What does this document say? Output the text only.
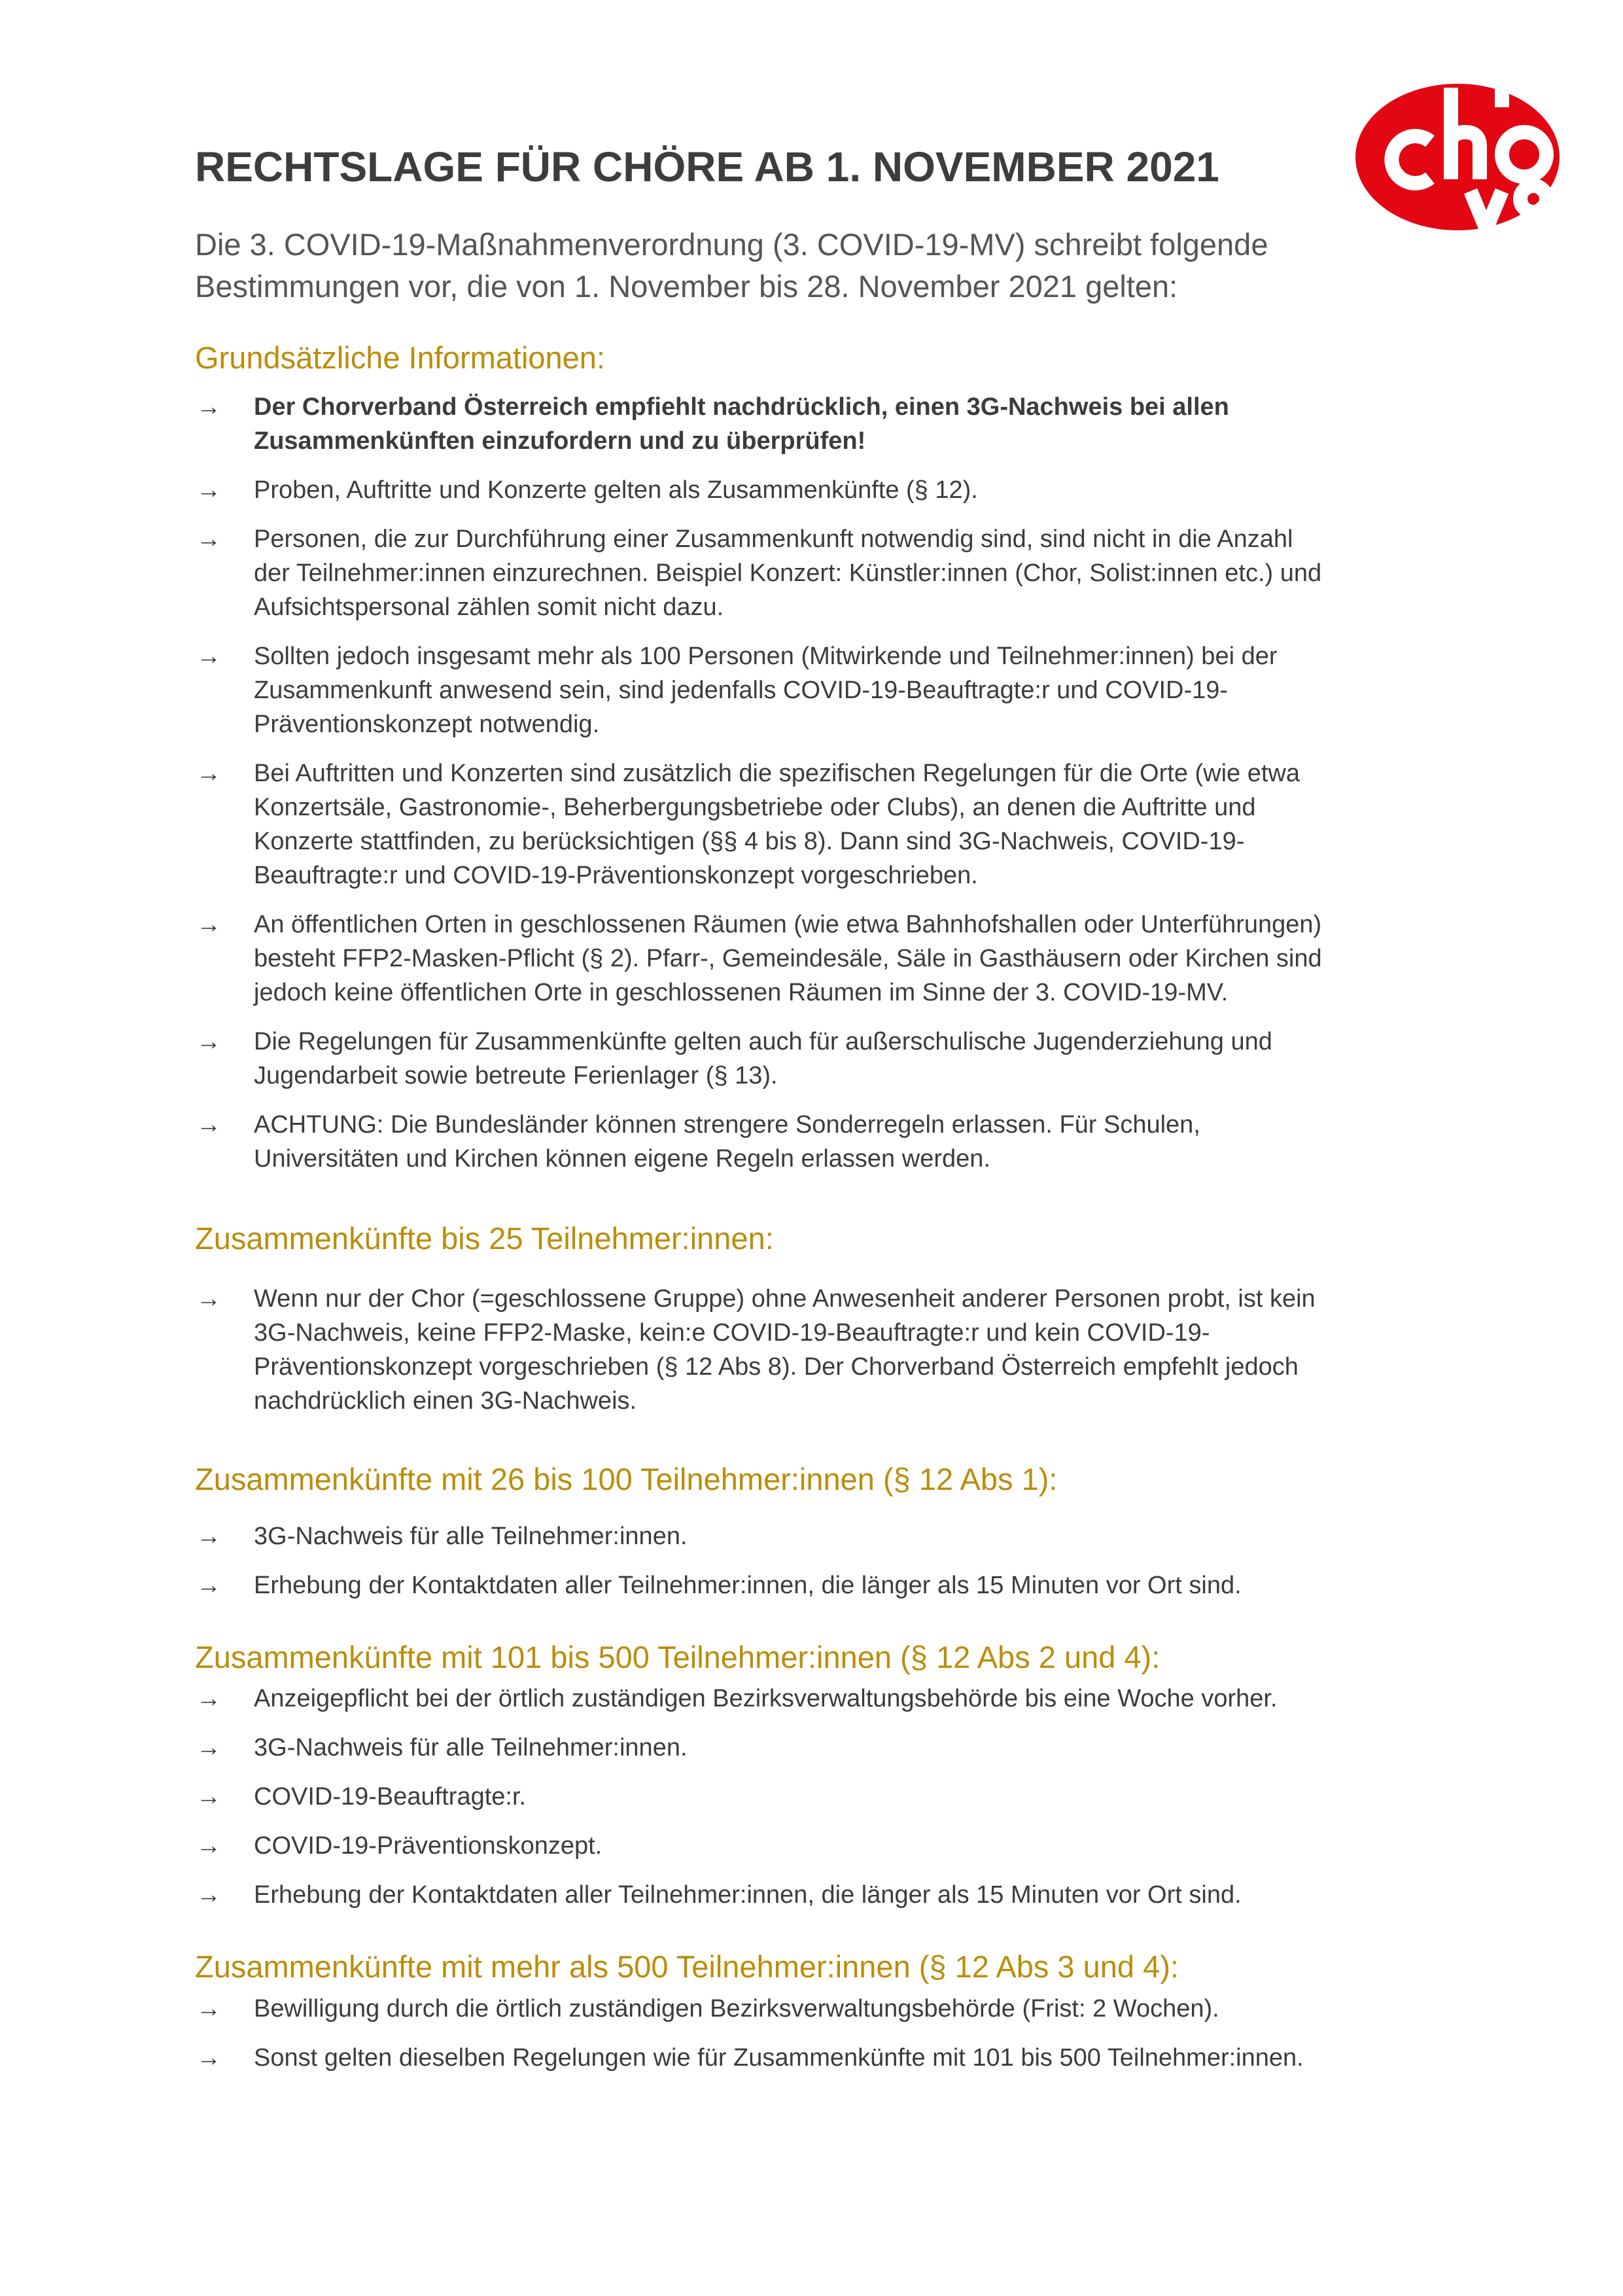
RECHTSLAGE FÜR CHÖRE AB 1. NOVEMBER 2021

Die 3. COVID-19-Maßnahmenverordnung (3. COVID-19-MV) schreibt folgende
Bestimmungen vor, die von 1. November bis 28. November 2021 gelten:

Grundsätzliche Informationen:
→ Der Chorverband Österreich empfiehlt nachdrücklich, einen 3G-Nachweis bei allen
Zusammenkünften einzufordern und zu überprüfen!
→ Proben, Auftritte und Konzerte gelten als Zusammenkünfte (§ 12).
→ Personen, die zur Durchführung einer Zusammenkunft notwendig sind, sind nicht in die Anzahl
der Teilnehmer:innen einzurechnen. Beispiel Konzert: Künstler:innen (Chor, Solist:innen etc.) und
Aufsichtspersonal zählen somit nicht dazu.
→ Sollten jedoch insgesamt mehr als 100 Personen (Mitwirkende und Teilnehmer:innen) bei der
Zusammenkunft anwesend sein, sind jedenfalls COVID-19-Beauftragte:r und COVID-19-
Präventionskonzept notwendig.
→ Bei Auftritten und Konzerten sind zusätzlich die spezifischen Regelungen für die Orte (wie etwa
Konzertsäle, Gastronomie-, Beherbergungsbetriebe oder Clubs), an denen die Auftritte und
Konzerte stattfinden, zu berücksichtigen (§§ 4 bis 8). Dann sind 3G-Nachweis, COVID-19-
Beauftragte:r und COVID-19-Präventionskonzept vorgeschrieben.
→ An öffentlichen Orten in geschlossenen Räumen (wie etwa Bahnhofshallen oder Unterführungen)
besteht FFP2-Masken-Pflicht (§ 2). Pfarr-, Gemeindesäle, Säle in Gasthäusern oder Kirchen sind
jedoch keine öffentlichen Orte in geschlossenen Räumen im Sinne der 3. COVID-19-MV.
→ Die Regelungen für Zusammenkünfte gelten auch für außerschulische Jugenderziehung und
Jugendarbeit sowie betreute Ferienlager (§ 13).
→ ACHTUNG: Die Bundesländer können strengere Sonderregeln erlassen. Für Schulen,
Universitäten und Kirchen können eigene Regeln erlassen werden.
Zusammenkünfte bis 25 Teilnehmer:innen:
→ Wenn nur der Chor (=geschlossene Gruppe) ohne Anwesenheit anderer Personen probt, ist kein
3G-Nachweis, keine FFP2-Maske, kein:e COVID-19-Beauftragte:r und kein COVID-19-
Präventionskonzept vorgeschrieben (§ 12 Abs 8). Der Chorverband Österreich empfehlt jedoch
nachdrücklich einen 3G-Nachweis.
Zusammenkünfte mit 26 bis 100 Teilnehmer:innen (§ 12 Abs 1):
→ 3G-Nachweis für alle Teilnehmer:innen.
→ Erhebung der Kontaktdaten aller Teilnehmer:innen, die länger als 15 Minuten vor Ort sind.
Zusammenkünfte mit 101 bis 500 Teilnehmer:innen (§ 12 Abs 2 und 4):
→ Anzeigepflicht bei der örtlich zuständigen Bezirksverwaltungsbehörde bis eine Woche vorher.
→ 3G-Nachweis für alle Teilnehmer:innen.
→ COVID-19-Beauftragte:r.
→ COVID-19-Präventionskonzept.
→ Erhebung der Kontaktdaten aller Teilnehmer:innen, die länger als 15 Minuten vor Ort sind.
Zusammenkünfte mit mehr als 500 Teilnehmer:innen (§ 12 Abs 3 und 4):
→ Bewilligung durch die örtlich zuständigen Bezirksverwaltungsbehörde (Frist: 2 Wochen).
→ Sonst gelten dieselben Regelungen wie für Zusammenkünfte mit 101 bis 500 Teilnehmer:innen.
